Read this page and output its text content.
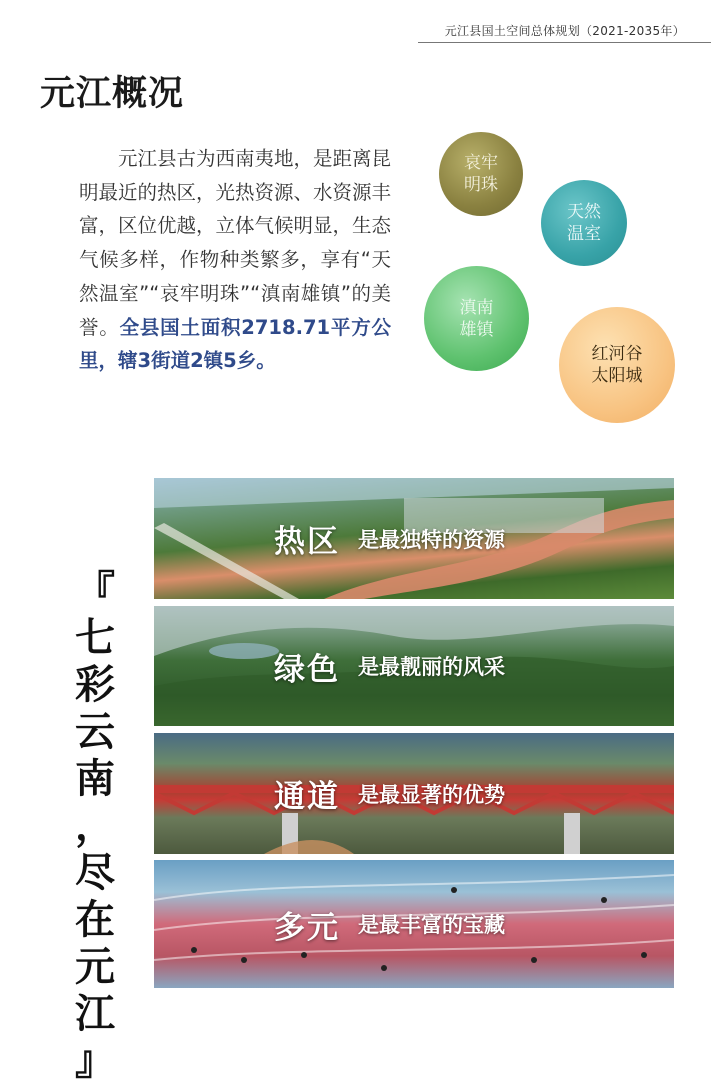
元江县国土空间总体规划（2021-2035年）
元江概况

元江县古为西南夷地，是距离昆明最近的热区，光热资源、水资源丰富，区位优越，立体气候明显，生态气候多样，作物种类繁多，享有“天然温室”“哀牢明珠”“滇南雄镇”的美誉。全县国土面积2718.71平方公里，辖3街道2镇5乡。

哀牢
明珠
天然
温室
滇南
雄镇
红河谷
太阳城
『
七
彩
云
南
，
尽
在
元
江
』
热区 是最独特的资源
绿色 是最靓丽的风采
通道 是最显著的优势
多元 是最丰富的宝藏
